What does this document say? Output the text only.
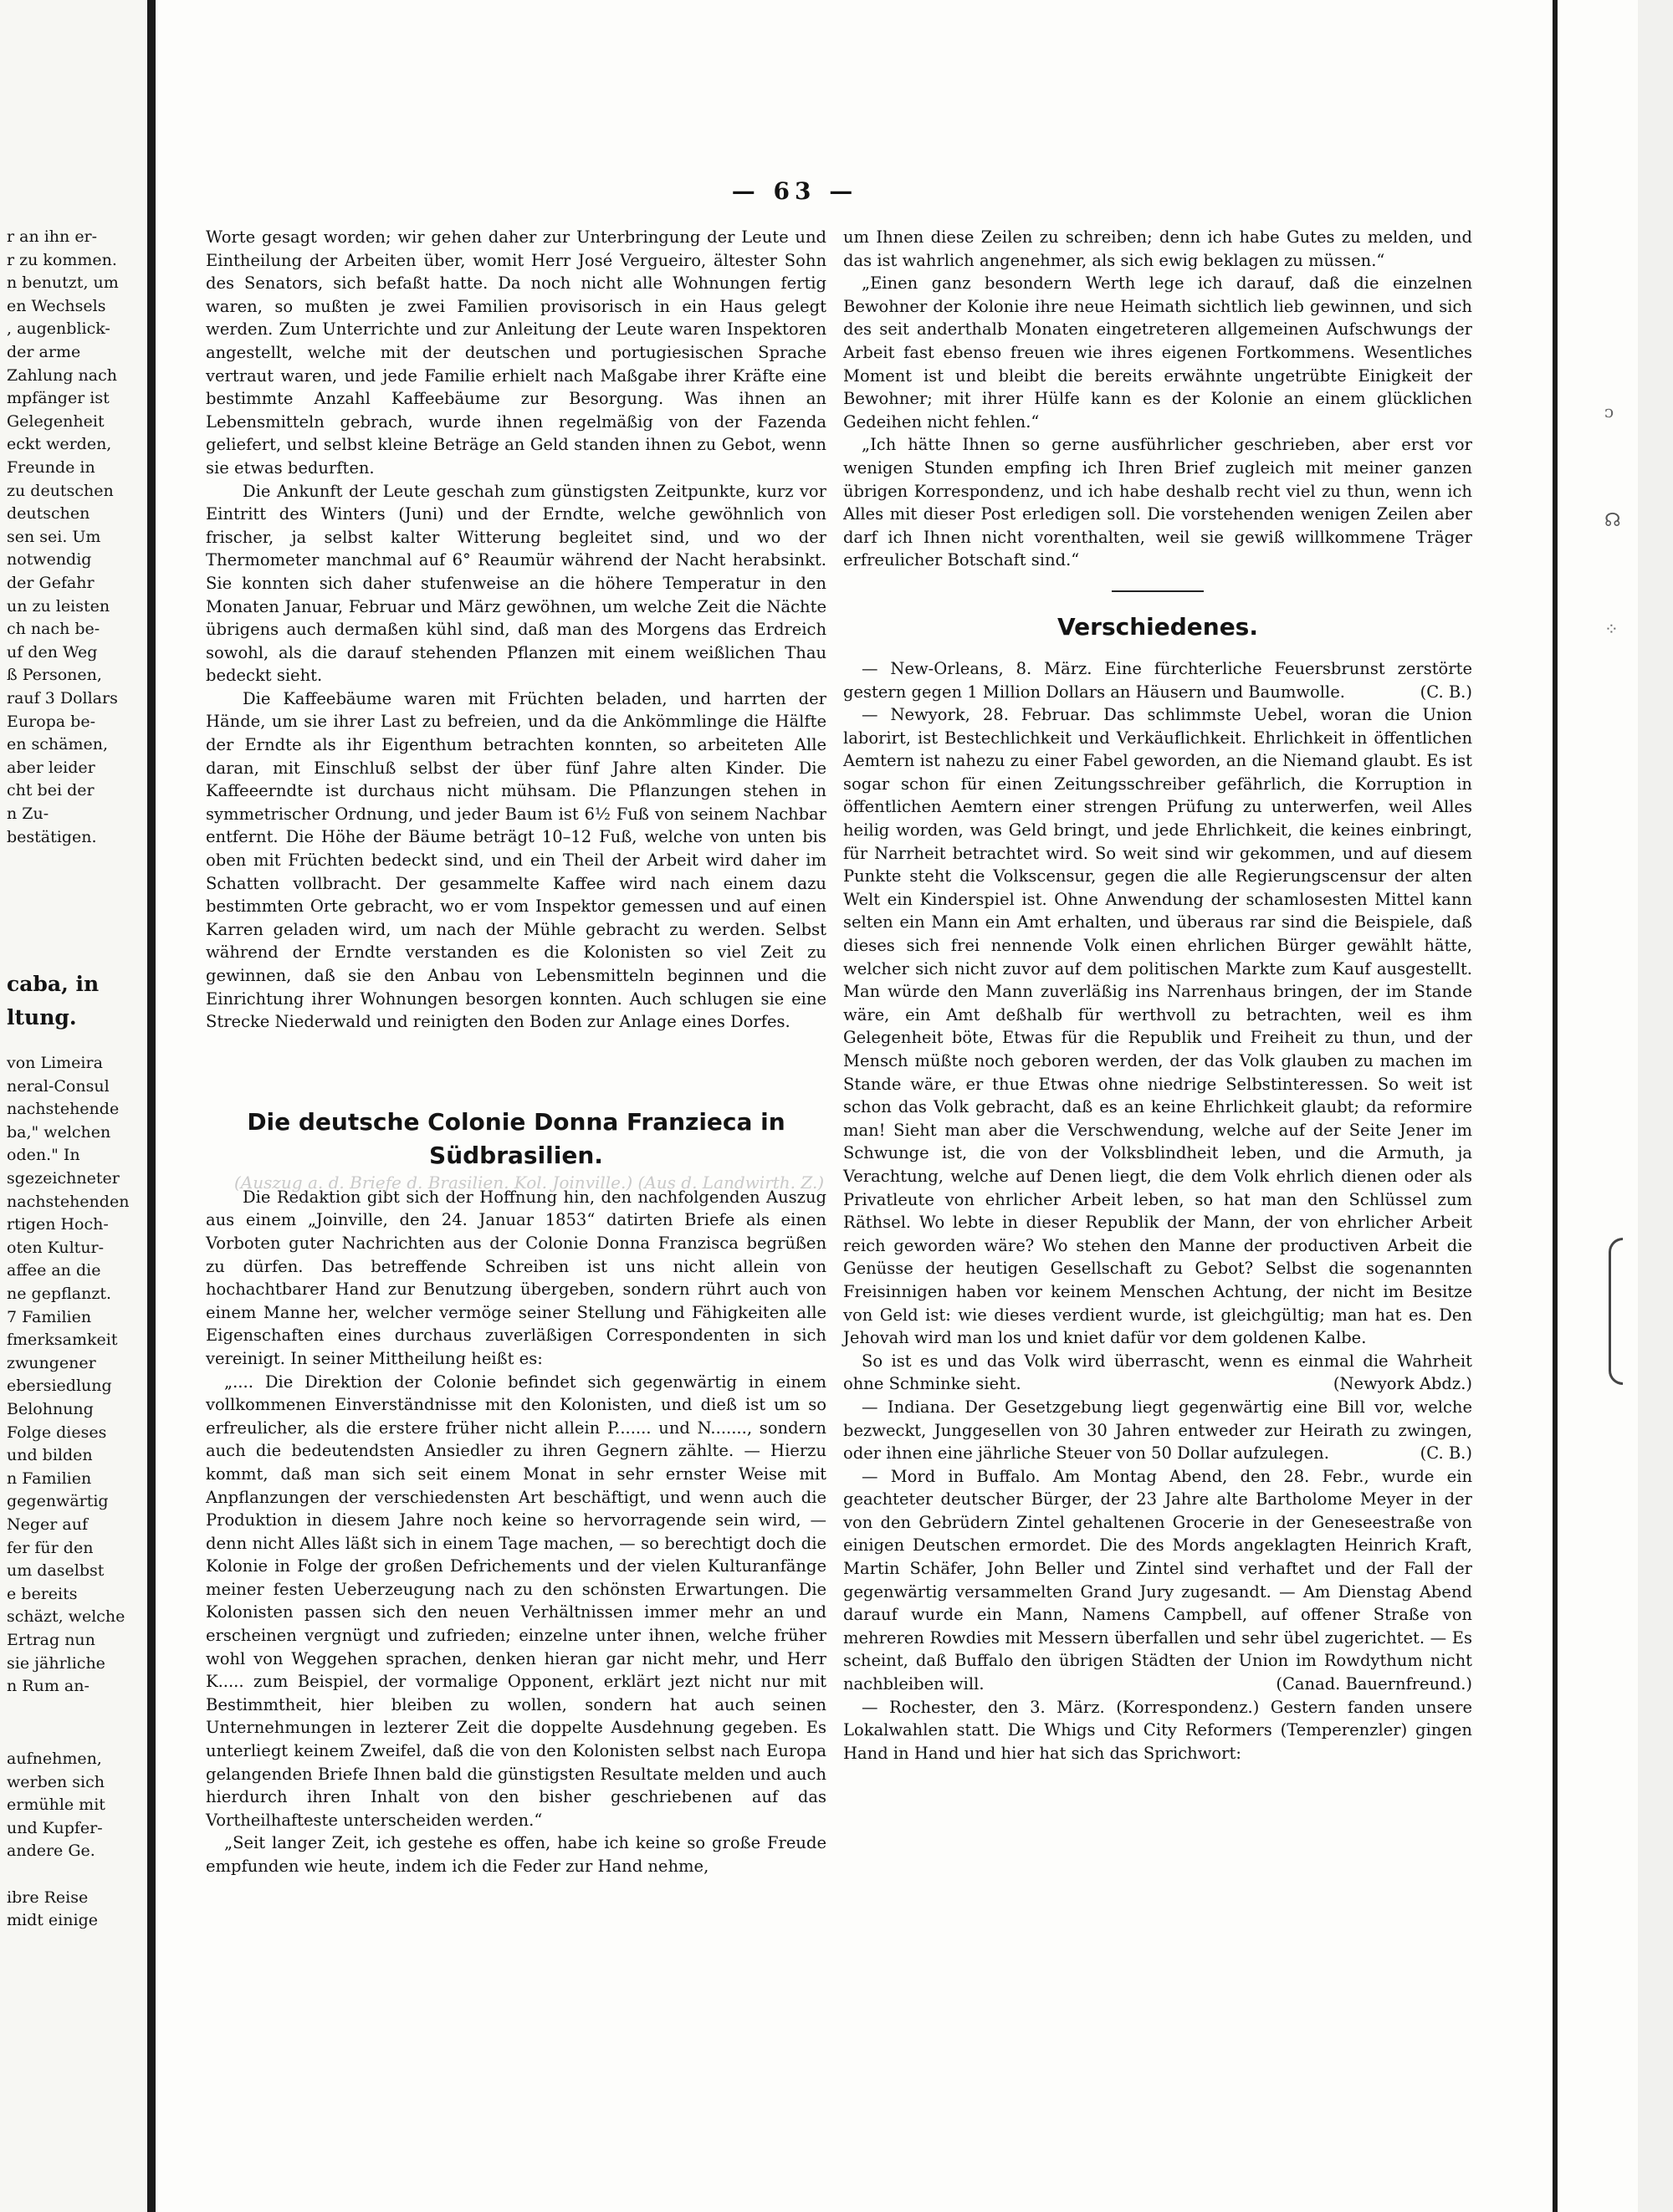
r an ihn er-
r zu kommen.
n benutzt, um
en Wechsels
, augenblick-
der arme
Zahlung nach
mpfänger ist
Gelegenheit
eckt werden,
Freunde in
zu deutschen
deutschen
sen sei. Um
notwendig
der Gefahr
un zu leisten
ch nach be-
uf den Weg
ß Personen,
rauf 3 Dollars
Europa be-
en schämen,
aber leider
cht bei der
n Zu-
bestätigen.
caba, in
ltung.
von Limeira
neral-Consul
nachstehende
ba," welchen
oden." In
sgezeichneter
nachstehenden
rtigen Hoch-
oten Kultur-
affee an die
ne gepflanzt.
7 Familien
fmerksamkeit
zwungener
ebersiedlung
Belohnung
Folge dieses
und bilden
n Familien
gegenwärtig
Neger auf
fer für den
um daselbst
e bereits
schäzt, welche
Ertrag nun
sie jährliche
n Rum an-
aufnehmen,
werben sich
ermühle mit
und Kupfer-
andere Ge.
ibre Reise
midt einige
— 63 —

Worte gesagt worden; wir gehen daher zur Unterbringung der Leute und Eintheilung der Arbeiten über, womit Herr José Vergueiro, ältester Sohn des Senators, sich befaßt hatte. Da noch nicht alle Wohnungen fertig waren, so mußten je zwei Familien provisorisch in ein Haus gelegt werden. Zum Unterrichte und zur Anleitung der Leute waren Inspektoren angestellt, welche mit der deutschen und portugiesischen Sprache vertraut waren, und jede Familie erhielt nach Maßgabe ihrer Kräfte eine bestimmte Anzahl Kaffeebäume zur Besorgung. Was ihnen an Lebensmitteln gebrach, wurde ihnen regelmäßig von der Fazenda geliefert, und selbst kleine Beträge an Geld standen ihnen zu Gebot, wenn sie etwas bedurften.

Die Ankunft der Leute geschah zum günstigsten Zeitpunkte, kurz vor Eintritt des Winters (Juni) und der Erndte, welche gewöhnlich von frischer, ja selbst kalter Witterung begleitet sind, und wo der Thermometer manchmal auf 6° Reaumür während der Nacht herabsinkt. Sie konnten sich daher stufenweise an die höhere Temperatur in den Monaten Januar, Februar und März gewöhnen, um welche Zeit die Nächte übrigens auch dermaßen kühl sind, daß man des Morgens das Erdreich sowohl, als die darauf stehenden Pflanzen mit einem weißlichen Thau bedeckt sieht.

Die Kaffeebäume waren mit Früchten beladen, und harrten der Hände, um sie ihrer Last zu befreien, und da die Ankömmlinge die Hälfte der Erndte als ihr Eigenthum betrachten konnten, so arbeiteten Alle daran, mit Einschluß selbst der über fünf Jahre alten Kinder. Die Kaffeeerndte ist durchaus nicht mühsam. Die Pflanzungen stehen in symmetrischer Ordnung, und jeder Baum ist 6½ Fuß von seinem Nachbar entfernt. Die Höhe der Bäume beträgt 10–12 Fuß, welche von unten bis oben mit Früchten bedeckt sind, und ein Theil der Arbeit wird daher im Schatten vollbracht. Der gesammelte Kaffee wird nach einem dazu bestimmten Orte gebracht, wo er vom Inspektor gemessen und auf einen Karren geladen wird, um nach der Mühle gebracht zu werden. Selbst während der Erndte verstanden es die Kolonisten so viel Zeit zu gewinnen, daß sie den Anbau von Lebensmitteln beginnen und die Einrichtung ihrer Wohnungen besorgen konnten. Auch schlugen sie eine Strecke Niederwald und reinigten den Boden zur Anlage eines Dorfes.

Die deutsche Colonie Donna Franzieca in Südbrasilien.

Die Redaktion gibt sich der Hoffnung hin, den nachfolgenden Auszug aus einem „Joinville, den 24. Januar 1853“ datirten Briefe als einen Vorboten guter Nachrichten aus der Colonie Donna Franzisca begrüßen zu dürfen. Das betreffende Schreiben ist uns nicht allein von hochachtbarer Hand zur Benutzung übergeben, sondern rührt auch von einem Manne her, welcher vermöge seiner Stellung und Fähigkeiten alle Eigenschaften eines durchaus zuverläßigen Correspondenten in sich vereinigt. In seiner Mittheilung heißt es:

„.... Die Direktion der Colonie befindet sich gegenwärtig in einem vollkommenen Einverständnisse mit den Kolonisten, und dieß ist um so erfreulicher, als die erstere früher nicht allein P....... und N......., sondern auch die bedeutendsten Ansiedler zu ihren Gegnern zählte. — Hierzu kommt, daß man sich seit einem Monat in sehr ernster Weise mit Anpflanzungen der verschiedensten Art beschäftigt, und wenn auch die Produktion in diesem Jahre noch keine so hervorragende sein wird, — denn nicht Alles läßt sich in einem Tage machen, — so berechtigt doch die Kolonie in Folge der großen Defrichements und der vielen Kulturanfänge meiner festen Ueberzeugung nach zu den schönsten Erwartungen. Die Kolonisten passen sich den neuen Verhältnissen immer mehr an und erscheinen vergnügt und zufrieden; einzelne unter ihnen, welche früher wohl von Weggehen sprachen, denken hieran gar nicht mehr, und Herr K..... zum Beispiel, der vormalige Opponent, erklärt jezt nicht nur mit Bestimmtheit, hier bleiben zu wollen, sondern hat auch seinen Unternehmungen in lezterer Zeit die doppelte Ausdehnung gegeben. Es unterliegt keinem Zweifel, daß die von den Kolonisten selbst nach Europa gelangenden Briefe Ihnen bald die günstigsten Resultate melden und auch hierdurch ihren Inhalt von den bisher geschriebenen auf das Vortheilhafteste unterscheiden werden.“

„Seit langer Zeit, ich gestehe es offen, habe ich keine so große Freude empfunden wie heute, indem ich die Feder zur Hand nehme,

(Auszug a. d. Briefe d. Brasilien. Kol. Joinville.) (Aus d. Landwirth. Z.)

um Ihnen diese Zeilen zu schreiben; denn ich habe Gutes zu melden, und das ist wahrlich angenehmer, als sich ewig beklagen zu müssen.“

„Einen ganz besondern Werth lege ich darauf, daß die einzelnen Bewohner der Kolonie ihre neue Heimath sichtlich lieb gewinnen, und sich des seit anderthalb Monaten eingetreteren allgemeinen Aufschwungs der Arbeit fast ebenso freuen wie ihres eigenen Fortkommens. Wesentliches Moment ist und bleibt die bereits erwähnte ungetrübte Einigkeit der Bewohner; mit ihrer Hülfe kann es der Kolonie an einem glücklichen Gedeihen nicht fehlen.“

„Ich hätte Ihnen so gerne ausführlicher geschrieben, aber erst vor wenigen Stunden empfing ich Ihren Brief zugleich mit meiner ganzen übrigen Korrespondenz, und ich habe deshalb recht viel zu thun, wenn ich Alles mit dieser Post erledigen soll. Die vorstehenden wenigen Zeilen aber darf ich Ihnen nicht vorenthalten, weil sie gewiß willkommene Träger erfreulicher Botschaft sind.“

Verschiedenes.

— New-Orleans, 8. März. Eine fürchterliche Feuersbrunst zerstörte gestern gegen 1 Million Dollars an Häusern und Baumwolle.	(C. B.)

— Newyork, 28. Februar. Das schlimmste Uebel, woran die Union laborirt, ist Bestechlichkeit und Verkäuflichkeit. Ehrlichkeit in öffentlichen Aemtern ist nahezu zu einer Fabel geworden, an die Niemand glaubt. Es ist sogar schon für einen Zeitungsschreiber gefährlich, die Korruption in öffentlichen Aemtern einer strengen Prüfung zu unterwerfen, weil Alles heilig worden, was Geld bringt, und jede Ehrlichkeit, die keines einbringt, für Narrheit betrachtet wird. So weit sind wir gekommen, und auf diesem Punkte steht die Volkscensur, gegen die alle Regierungscensur der alten Welt ein Kinderspiel ist. Ohne Anwendung der schamlosesten Mittel kann selten ein Mann ein Amt erhalten, und überaus rar sind die Beispiele, daß dieses sich frei nennende Volk einen ehrlichen Bürger gewählt hätte, welcher sich nicht zuvor auf dem politischen Markte zum Kauf ausgestellt. Man würde den Mann zuverläßig ins Narrenhaus bringen, der im Stande wäre, ein Amt deßhalb für werthvoll zu betrachten, weil es ihm Gelegenheit böte, Etwas für die Republik und Freiheit zu thun, und der Mensch müßte noch geboren werden, der das Volk glauben zu machen im Stande wäre, er thue Etwas ohne niedrige Selbstinteressen. So weit ist schon das Volk gebracht, daß es an keine Ehrlichkeit glaubt; da reformire man! Sieht man aber die Verschwendung, welche auf der Seite Jener im Schwunge ist, die von der Volksblindheit leben, und die Armuth, ja Verachtung, welche auf Denen liegt, die dem Volk ehrlich dienen oder als Privatleute von ehrlicher Arbeit leben, so hat man den Schlüssel zum Räthsel. Wo lebte in dieser Republik der Mann, der von ehrlicher Arbeit reich geworden wäre? Wo stehen den Manne der productiven Arbeit die Genüsse der heutigen Gesellschaft zu Gebot? Selbst die sogenannten Freisinnigen haben vor keinem Menschen Achtung, der nicht im Besitze von Geld ist: wie dieses verdient wurde, ist gleichgültig; man hat es. Den Jehovah wird man los und kniet dafür vor dem goldenen Kalbe.

So ist es und das Volk wird überrascht, wenn es einmal die Wahrheit ohne Schminke sieht.	(Newyork Abdz.)

— Indiana. Der Gesetzgebung liegt gegenwärtig eine Bill vor, welche bezweckt, Junggesellen von 30 Jahren entweder zur Heirath zu zwingen, oder ihnen eine jährliche Steuer von 50 Dollar aufzulegen.	(C. B.)

— Mord in Buffalo. Am Montag Abend, den 28. Febr., wurde ein geachteter deutscher Bürger, der 23 Jahre alte Bartholome Meyer in der von den Gebrüdern Zintel gehaltenen Grocerie in der Geneseestraße von einigen Deutschen ermordet. Die des Mords angeklagten Heinrich Kraft, Martin Schäfer, John Beller und Zintel sind verhaftet und der Fall der gegenwärtig versammelten Grand Jury zugesandt. — Am Dienstag Abend darauf wurde ein Mann, Namens Campbell, auf offener Straße von mehreren Rowdies mit Messern überfallen und sehr übel zugerichtet. — Es scheint, daß Buffalo den übrigen Städten der Union im Rowdythum nicht nachbleiben will.	(Canad. Bauernfreund.)

— Rochester, den 3. März. (Korrespondenz.) Gestern fanden unsere Lokalwahlen statt. Die Whigs und City Reformers (Temperenzler) gingen Hand in Hand und hier hat sich das Sprichwort:

ᴐ
☊
⁘
